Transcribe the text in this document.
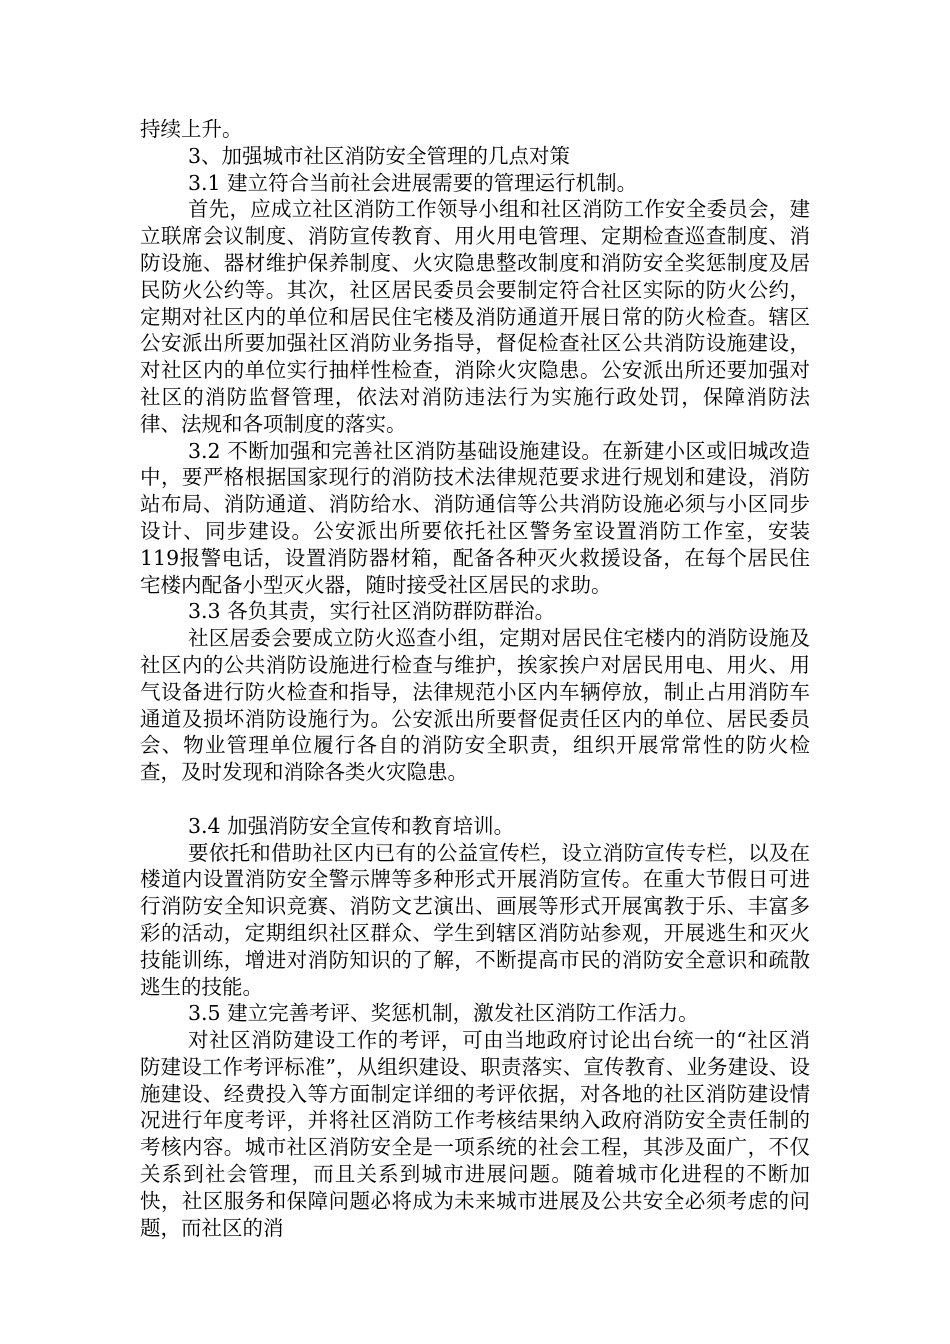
持续上升。

3、加强城市社区消防安全管理的几点对策

3.1 建立符合当前社会进展需要的管理运行机制。

首先，应成立社区消防工作领导小组和社区消防工作安全委员会，建立联席会议制度、消防宣传教育、用火用电管理、定期检查巡查制度、消防设施、器材维护保养制度、火灾隐患整改制度和消防安全奖惩制度及居民防火公约等。其次，社区居民委员会要制定符合社区实际的防火公约，定期对社区内的单位和居民住宅楼及消防通道开展日常的防火检查。辖区公安派出所要加强社区消防业务指导，督促检查社区公共消防设施建设，对社区内的单位实行抽样性检查，消除火灾隐患。公安派出所还要加强对社区的消防监督管理，依法对消防违法行为实施行政处罚，保障消防法律、法规和各项制度的落实。

3.2 不断加强和完善社区消防基础设施建设。在新建小区或旧城改造中，要严格根据国家现行的消防技术法律规范要求进行规划和建设，消防站布局、消防通道、消防给水、消防通信等公共消防设施必须与小区同步设计、同步建设。公安派出所要依托社区警务室设置消防工作室，安装119报警电话，设置消防器材箱，配备各种灭火救援设备，在每个居民住宅楼内配备小型灭火器，随时接受社区居民的求助。

3.3 各负其责，实行社区消防群防群治。

社区居委会要成立防火巡查小组，定期对居民住宅楼内的消防设施及社区内的公共消防设施进行检查与维护，挨家挨户对居民用电、用火、用气设备进行防火检查和指导，法律规范小区内车辆停放，制止占用消防车通道及损坏消防设施行为。公安派出所要督促责任区内的单位、居民委员会、物业管理单位履行各自的消防安全职责，组织开展常常性的防火检查，及时发现和消除各类火灾隐患。

3.4 加强消防安全宣传和教育培训。

要依托和借助社区内已有的公益宣传栏，设立消防宣传专栏，以及在楼道内设置消防安全警示牌等多种形式开展消防宣传。在重大节假日可进行消防安全知识竞赛、消防文艺演出、画展等形式开展寓教于乐、丰富多彩的活动，定期组织社区群众、学生到辖区消防站参观，开展逃生和灭火技能训练，增进对消防知识的了解，不断提高市民的消防安全意识和疏散逃生的技能。

3.5 建立完善考评、奖惩机制，激发社区消防工作活力。

对社区消防建设工作的考评，可由当地政府讨论出台统一的“社区消防建设工作考评标准”，从组织建设、职责落实、宣传教育、业务建设、设施建设、经费投入等方面制定详细的考评依据，对各地的社区消防建设情况进行年度考评，并将社区消防工作考核结果纳入政府消防安全责任制的考核内容。城市社区消防安全是一项系统的社会工程，其涉及面广，不仅关系到社会管理，而且关系到城市进展问题。随着城市化进程的不断加快，社区服务和保障问题必将成为未来城市进展及公共安全必须考虑的问题，而社区的消
